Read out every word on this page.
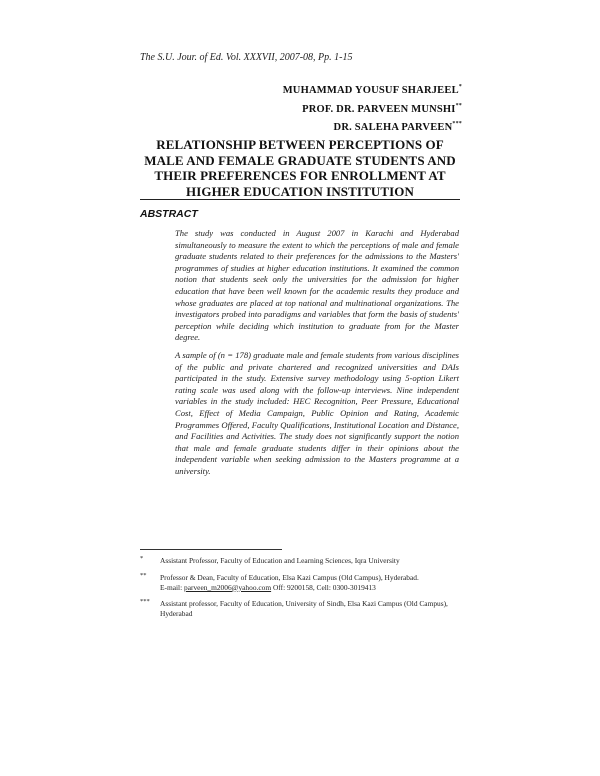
The S.U. Jour. of Ed. Vol. XXXVII, 2007-08, Pp. 1-15
MUHAMMAD YOUSUF SHARJEEL*
PROF. DR. PARVEEN MUNSHI**
DR. SALEHA PARVEEN***
RELATIONSHIP BETWEEN PERCEPTIONS OF MALE AND FEMALE GRADUATE STUDENTS AND THEIR PREFERENCES FOR ENROLLMENT AT HIGHER EDUCATION INSTITUTION
ABSTRACT

The study was conducted in August 2007 in Karachi and Hyderabad simultaneously to measure the extent to which the perceptions of male and female graduate students related to their preferences for the admissions to the Masters' programmes of studies at higher education institutions. It examined the common notion that students seek only the universities for the admission for higher education that have been well known for the academic results they produce and whose graduates are placed at top national and multinational organizations. The investigators probed into paradigms and variables that form the basis of students' perception while deciding which institution to graduate from for the Master degree.

A sample of (n = 178) graduate male and female students from various disciplines of the public and private chartered and recognized universities and DAIs participated in the study. Extensive survey methodology using 5-option Likert rating scale was used along with the follow-up interviews. Nine independent variables in the study included: HEC Recognition, Peer Pressure, Educational Cost, Effect of Media Campaign, Public Opinion and Rating, Academic Programmes Offered, Faculty Qualifications, Institutional Location and Distance, and Facilities and Activities. The study does not significantly support the notion that male and female graduate students differ in their opinions about the independent variable when seeking admission to the Masters programme at a university.

* Assistant Professor, Faculty of Education and Learning Sciences, Iqra University
** Professor & Dean, Faculty of Education, Elsa Kazi Campus (Old Campus), Hyderabad.
E-mail: parveen_m2006@yahoo.com Off: 9200158, Cell: 0300-3019413
*** Assistant professor, Faculty of Education, University of Sindh, Elsa Kazi Campus (Old Campus), Hyderabad
